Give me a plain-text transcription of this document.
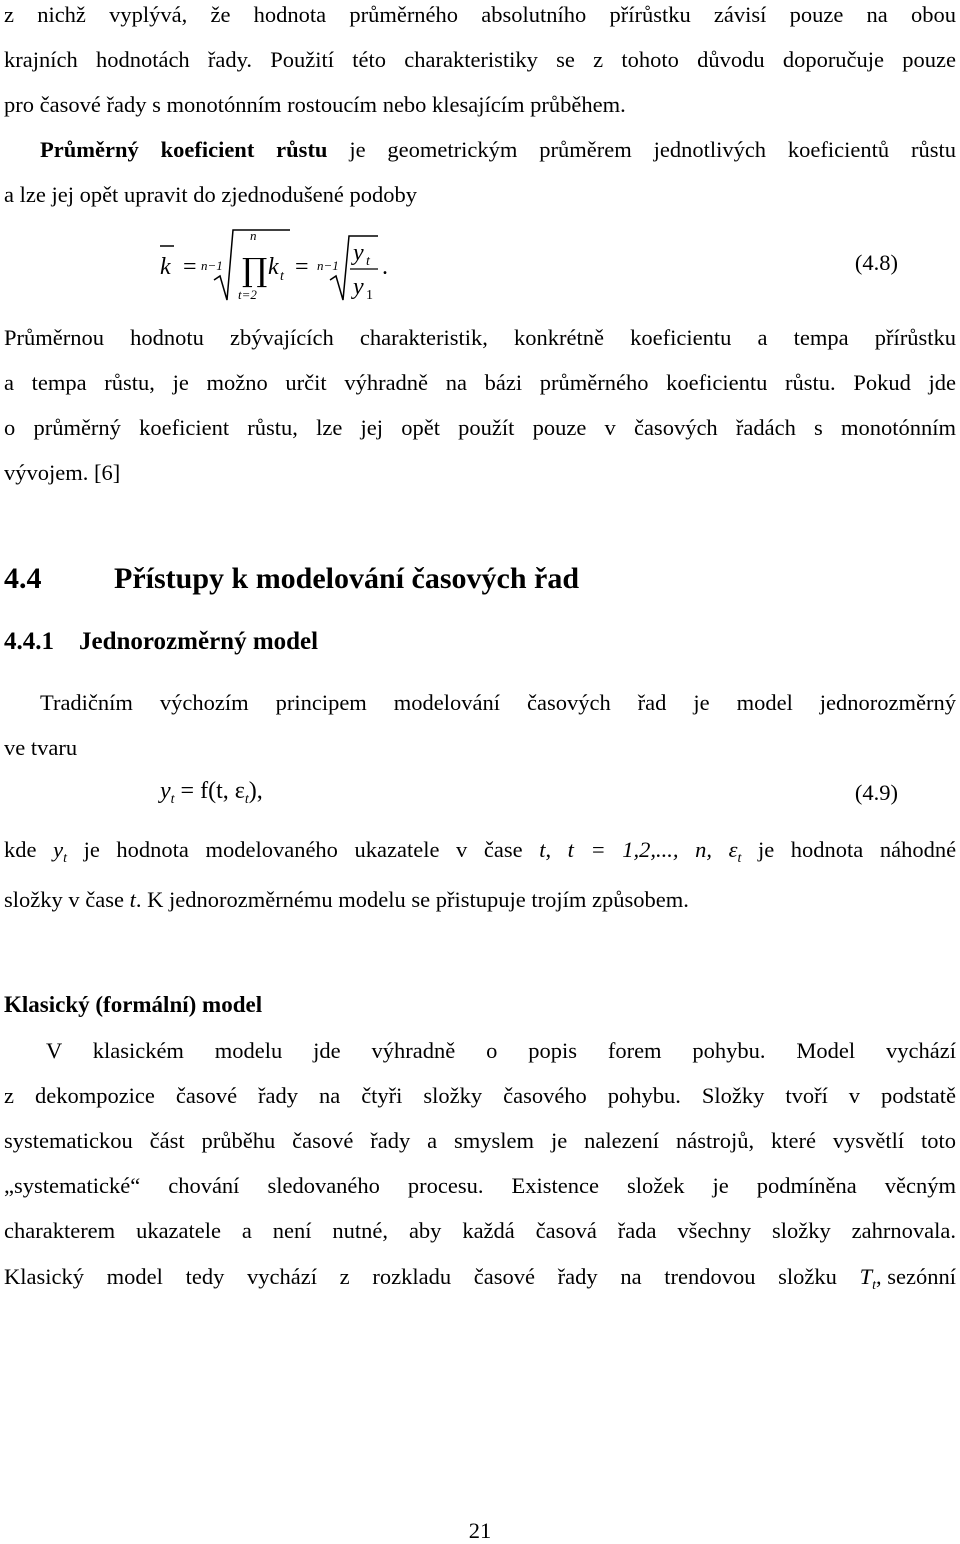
z nichž vyplývá, že hodnota průměrného absolutního přírůstku závisí pouze na obou
krajních hodnotách řady. Použití této charakteristiky se z tohoto důvodu doporučuje pouze
pro časové řady s monotónním rostoucím nebo klesajícím průběhem.
Průměrný koeficient růstu je geometrickým průměrem jednotlivých koeficientů růstu
a lze jej opět upravit do zjednodušené podoby
k = n−1
n
∏
t=2
k t = n−1 y t
y 1
.	(4.8)
Průměrnou hodnotu zbývajících charakteristik, konkrétně koeficientu a tempa přírůstku
a tempa růstu, je možno určit výhradně na bázi průměrného koeficientu růstu. Pokud jde
o průměrný koeficient růstu, lze jej opět použít pouze v časových řadách s monotónním
vývojem. [6]
4.4 Přístupy k modelování časových řad
4.4.1 Jednorozměrný model
Tradičním výchozím principem modelování časových řad je model jednorozměrný
ve tvaru
$y_t = f(t$, $\varepsilon_t$),	(4.9)
kde $y_t$ je hodnota modelovaného ukazatele v čase t, t = 1,2,..., n, $\varepsilon_t$ je hodnota náhodné
složky v čase t. K jednorozměrnému modelu se přistupuje trojím způsobem.
Klasický (formální) model
V klasickém modelu jde výhradně o popis forem pohybu. Model vychází
z dekompozice časové řady na čtyři složky časového pohybu. Složky tvoří v podstatě
systematickou část průběhu časové řady a smyslem je nalezení nástrojů, které vysvětlí toto
„systematické“ chování sledovaného procesu. Existence složek je podmíněna věcným
charakterem ukazatele a není nutné, aby každá časová řada všechny složky zahrnovala.
Klasický model tedy vychází z rozkladu časové řady na trendovou složku $T_t$, sezónní
21
